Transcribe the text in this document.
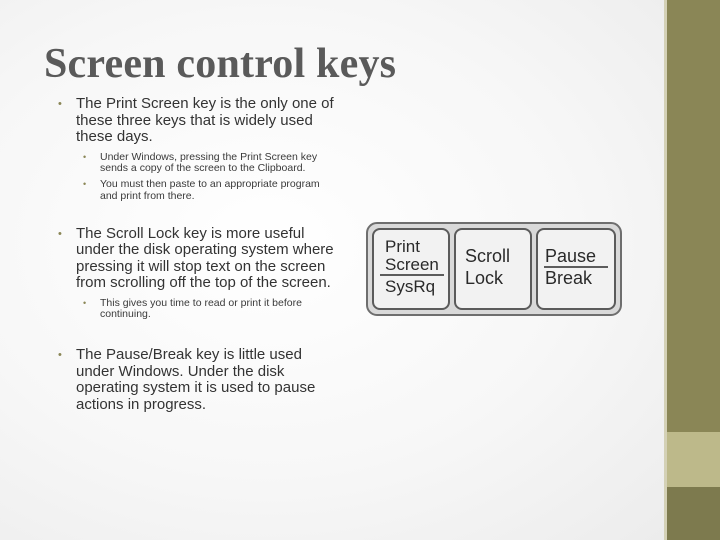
Screen control keys

• The Print Screen key is the only one of these three keys that is widely used these days.

• Under Windows, pressing the Print Screen key sends a copy of the screen to the Clipboard.

• You must then paste to an appropriate program and print from there.

• The Scroll Lock key is more useful under the disk operating system where pressing it will stop text on the screen from scrolling off the top of the screen.

• This gives you time to read or print it before continuing.

• The Pause/Break key is little used under Windows. Under the disk operating system it is used to pause actions in progress.

Print
Screen
SysRq
Scroll
Lock
Pause
Break
